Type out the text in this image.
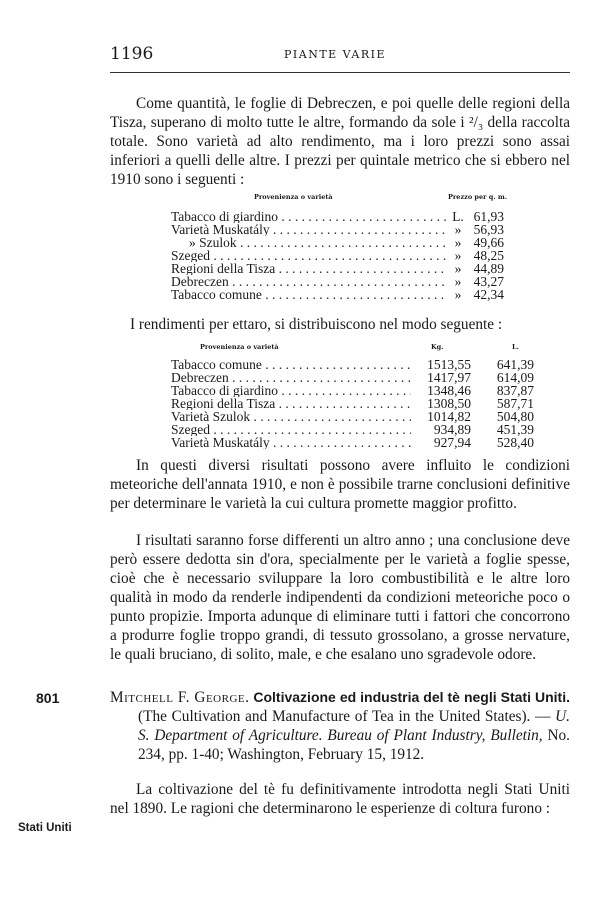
1196	PIANTE VARIE

Come quantità, le foglie di Debreczen, e poi quelle delle regioni della Tisza, superano di molto tutte le altre, formando da sole i ²/₃ della raccolta totale. Sono varietà ad alto rendimento, ma i loro prezzi sono assai inferiori a quelli delle altre. I prezzi per quintale metrico che si ebbero nel 1910 sono i seguenti :

Provenienza o varietà	Prezzo per q. m.
Tabacco di giardino . . .	L. 61,93
Varietà Muskatály . . .	» 56,93
» Szulok . . .	» 49,66
Szeged . . .	» 48,25
Regioni della Tisza . . .	» 44,89
Debreczen . . .	» 43,27
Tabacco comune . . .	» 42,34

I rendimenti per ettaro, si distribuiscono nel modo seguente :

Provenienza o varietà	Kg.	L.
Tabacco comune . . .	1513,55	641,39
Debreczen . . .	1417,97	614,09
Tabacco di giardino . . .	1348,46	837,87
Regioni della Tisza . . .	1308,50	587,71
Varietà Szulok . . .	1014,82	504,80
Szeged . . .	934,89	451,39
Varietà Muskatály . . .	927,94	528,40

In questi diversi risultati possono avere influito le condizioni meteoriche dell'annata 1910, e non è possibile trarne conclusioni definitive per determinare le varietà la cui cultura promette maggior profitto.

I risultati saranno forse differenti un altro anno ; una conclusione deve però essere dedotta sin d'ora, specialmente per le varietà a foglie spesse, cioè che è necessario sviluppare la loro combustibilità e le altre loro qualità in modo da renderle indipendenti da condizioni meteoriche poco o punto propizie. Importa adunque di eliminare tutti i fattori che concorrono a produrre foglie troppo grandi, di tessuto grossolano, a grosse nervature, le quali bruciano, di solito, male, e che esalano uno sgradevole odore.

801	Mitchell F. George. Coltivazione ed industria del tè negli Stati Uniti. (The Cultivation and Manufacture of Tea in the United States). — U. S. Department of Agriculture. Bureau of Plant Industry, Bulletin, No. 234, pp. 1-40; Washington, February 15, 1912.

La coltivazione del tè fu definitivamente introdotta negli Stati Uniti nel 1890. Le ragioni che determinarono le esperienze di coltura furono :

Stati Uniti
